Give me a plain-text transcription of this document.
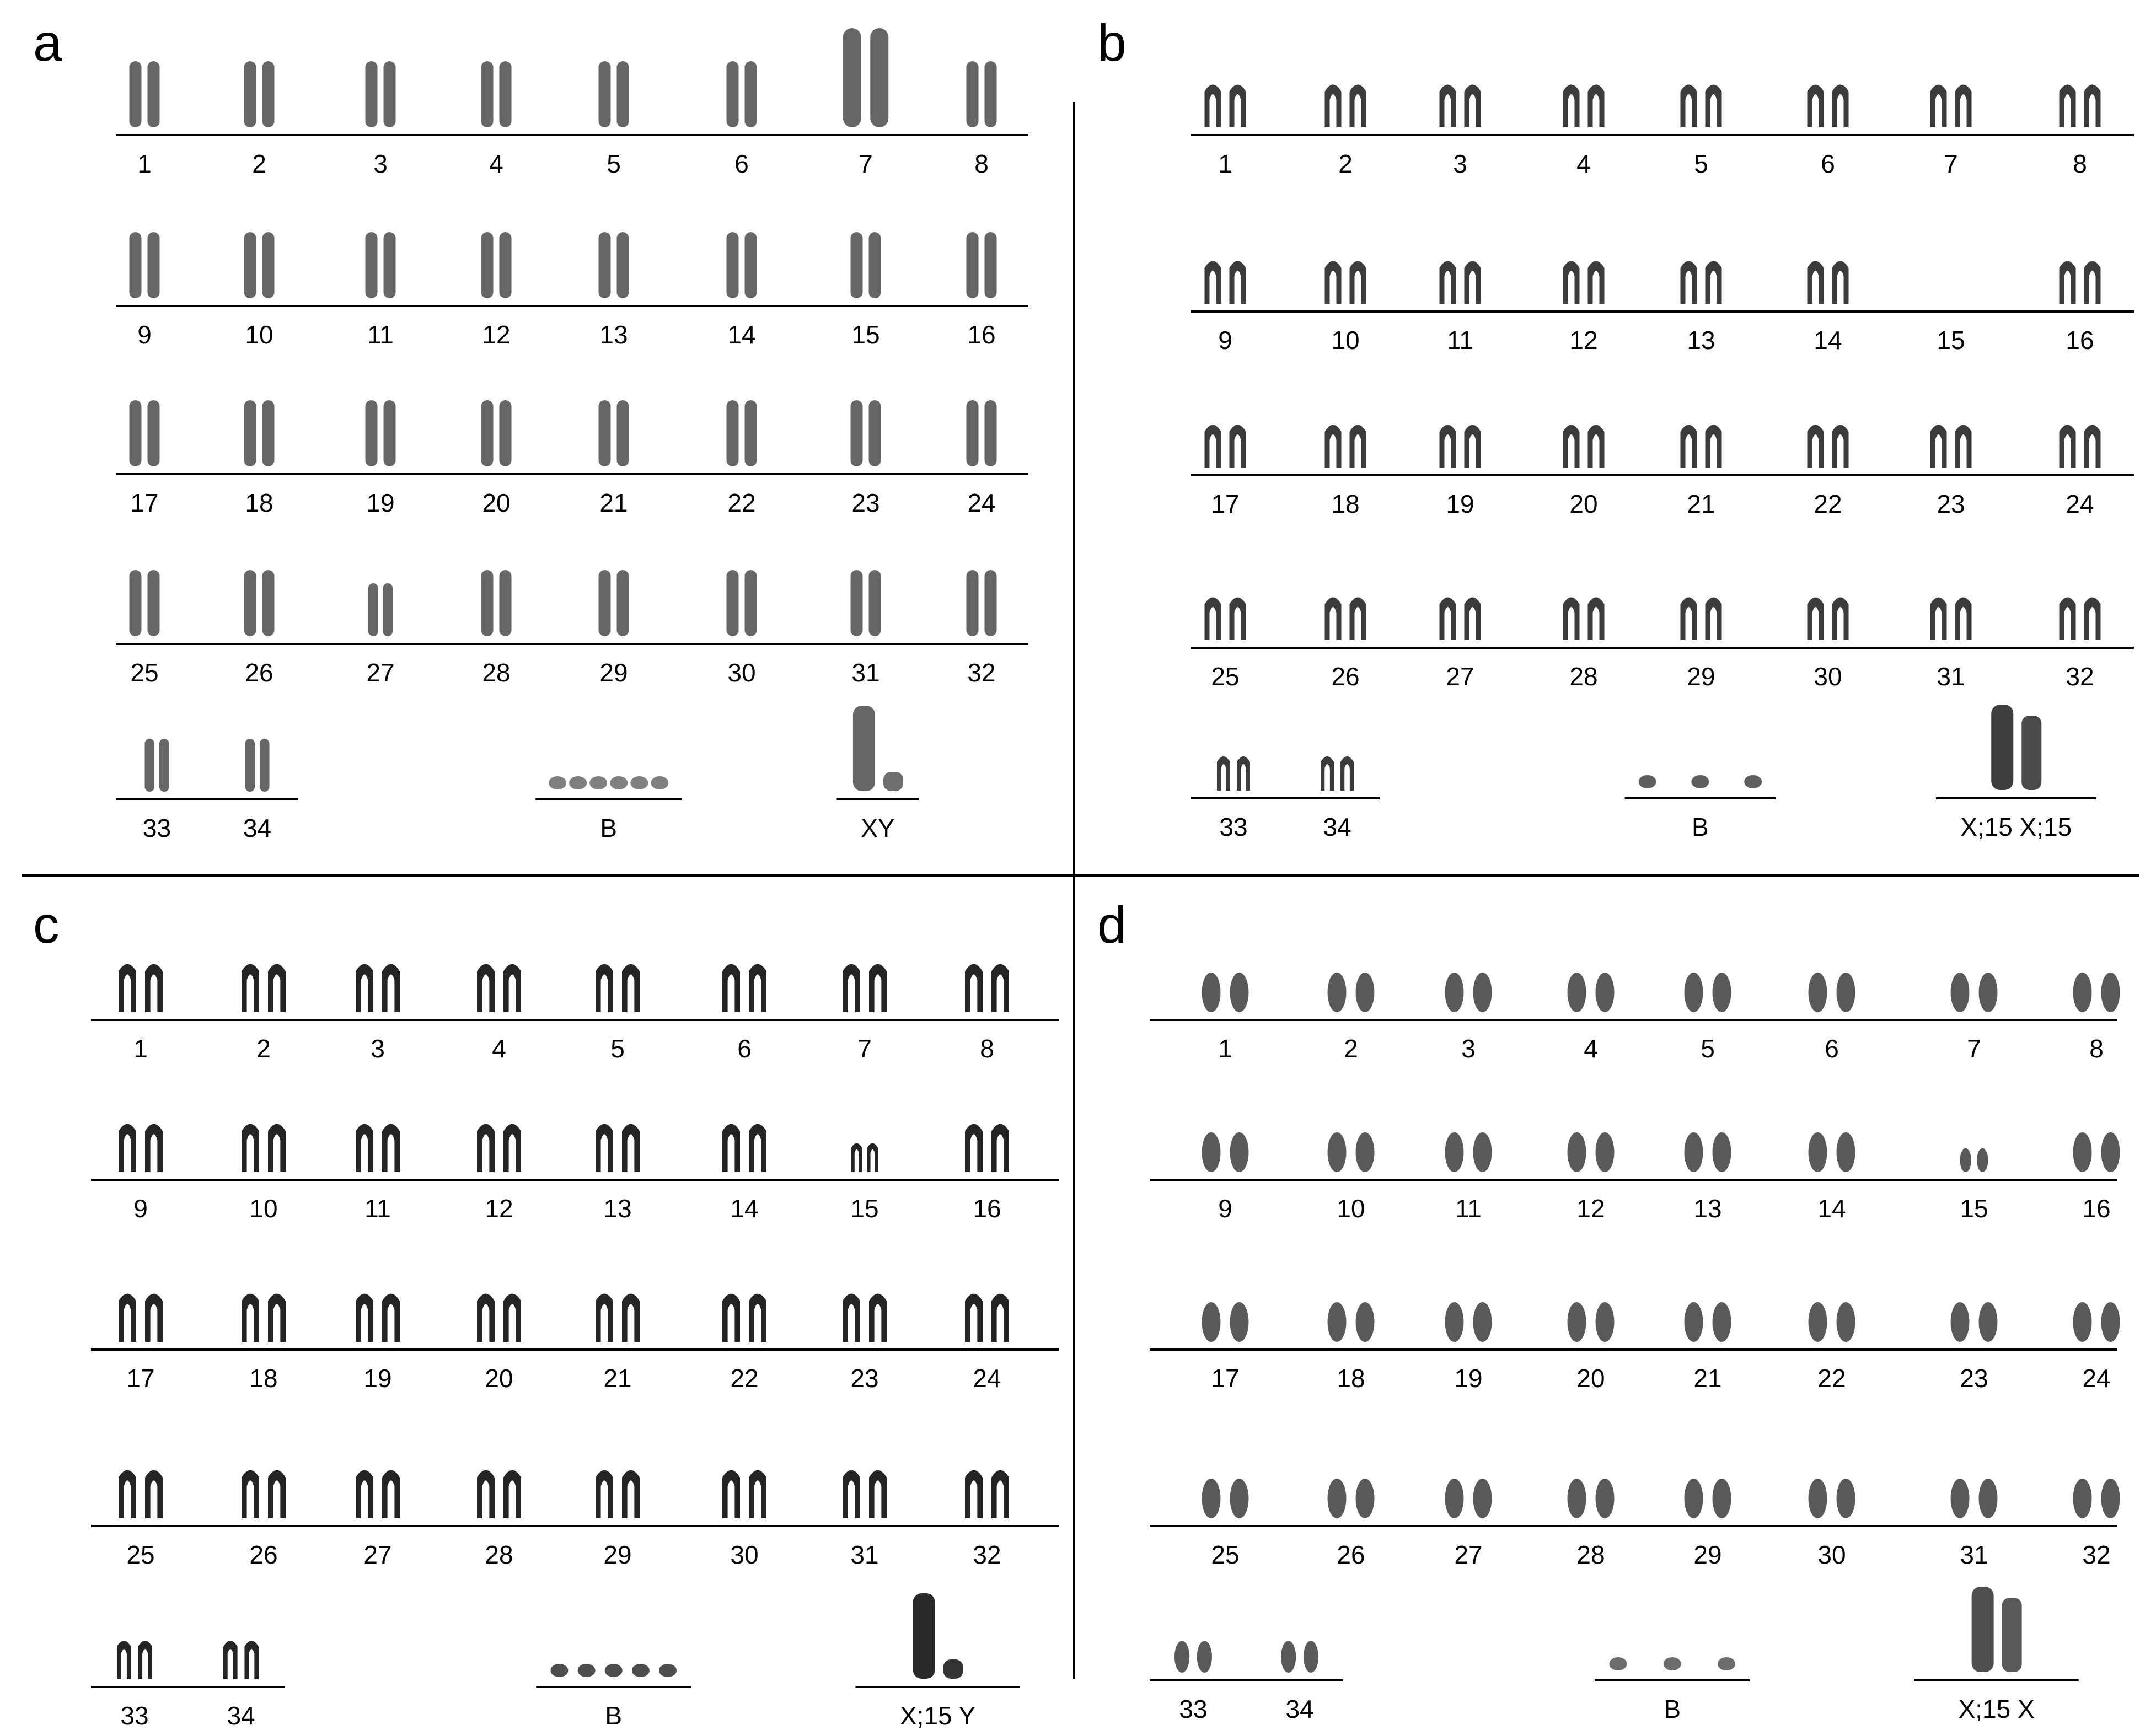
a
1	2	3	4	5	6	7	8
9	10	11	12	13	14	15	16
17	18	19	20	21	22	23	24
25	26	27	28	29	30	31	32
33	34	B	XY
b
1	2	3	4	5	6	7	8
9	10	11	12	13	14	15	16
17	18	19	20	21	22	23	24
25	26	27	28	29	30	31	32
33	34	B	X;15 X;15
c
1	2	3	4	5	6	7	8
9	10	11	12	13	14	15	16
17	18	19	20	21	22	23	24
25	26	27	28	29	30	31	32
33	34	B	X;15 Y
d
1	2	3	4	5	6	7	8
9	10	11	12	13	14	15	16
17	18	19	20	21	22	23	24
25	26	27	28	29	30	31	32
33	34	B	X;15 X
